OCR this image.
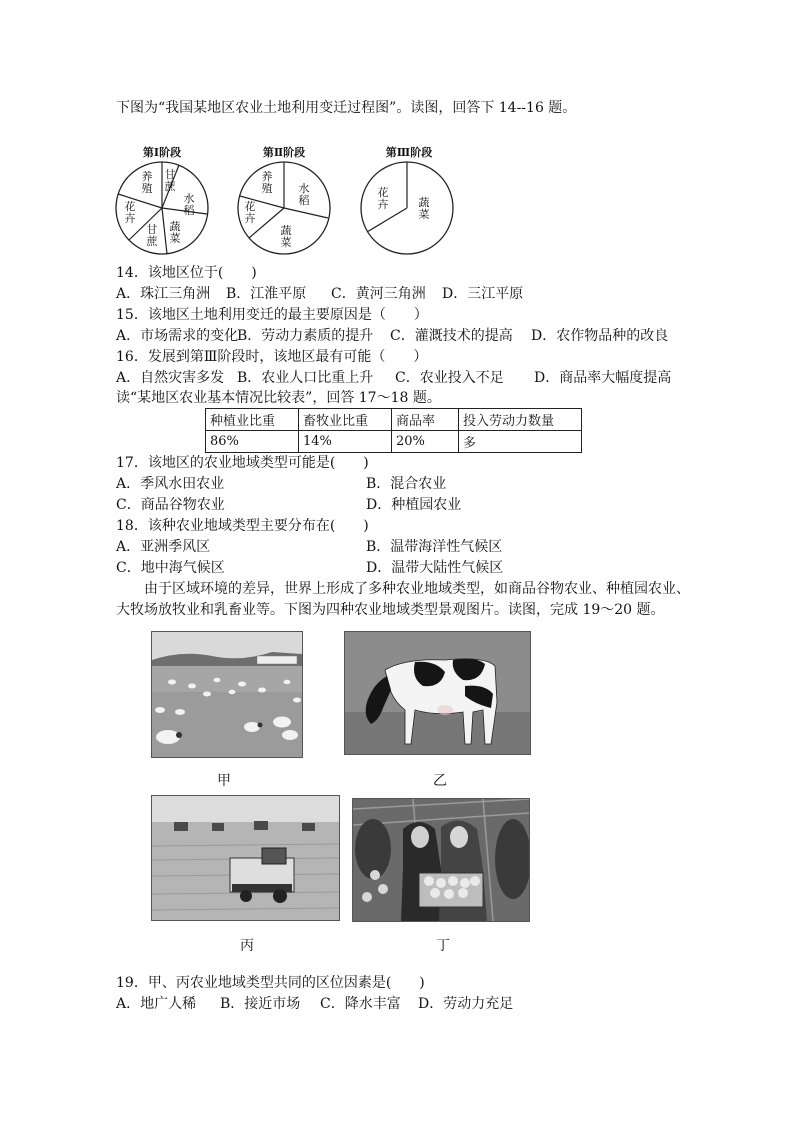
下图为“我国某地区农业土地利用变迁过程图”。读图，回答下 14--16 题。
第Ⅰ阶段	第Ⅱ阶段	第Ⅲ阶段
甘
蔗
水
稻
蔬
菜
甘
蔗
花
卉
养
殖	水
稻
蔬
菜
花
卉
养
殖
蔬
菜
花
卉
14．该地区位于(　　)
A．珠江三角洲 B．江淮平原 C．黄河三角洲 D．三江平原
15．该地区土地利用变迁的最主要原因是（　　）
A．市场需求的变化B．劳动力素质的提升 C．灌溉技术的提高 D．农作物品种的改良
16．发展到第Ⅲ阶段时，该地区最有可能（　　）
A．自然灾害多发 B．农业人口比重上升 C．农业投入不足 D．商品率大幅度提高
读“某地区农业基本情况比较表”，回答 17～18 题。
种植业比重	畜牧业比重	商品率	投入劳动力数量
86%	14%	20%	多
17．该地区的农业地域类型可能是(　　)
A．季风水田农业	B．混合农业
C．商品谷物农业	D．种植园农业
18．该种农业地域类型主要分布在(　　)
A．亚洲季风区	B．温带海洋性气候区
C．地中海气候区	D．温带大陆性气候区
由于区域环境的差异，世界上形成了多种农业地域类型，如商品谷物农业、种植园农业、
大牧场放牧业和乳畜业等。下图为四种农业地域类型景观图片。读图，完成 19～20 题。
甲	乙
丙	丁
19．甲、丙农业地域类型共同的区位因素是(　　)
A．地广人稀 B．接近市场 C．降水丰富 D．劳动力充足
